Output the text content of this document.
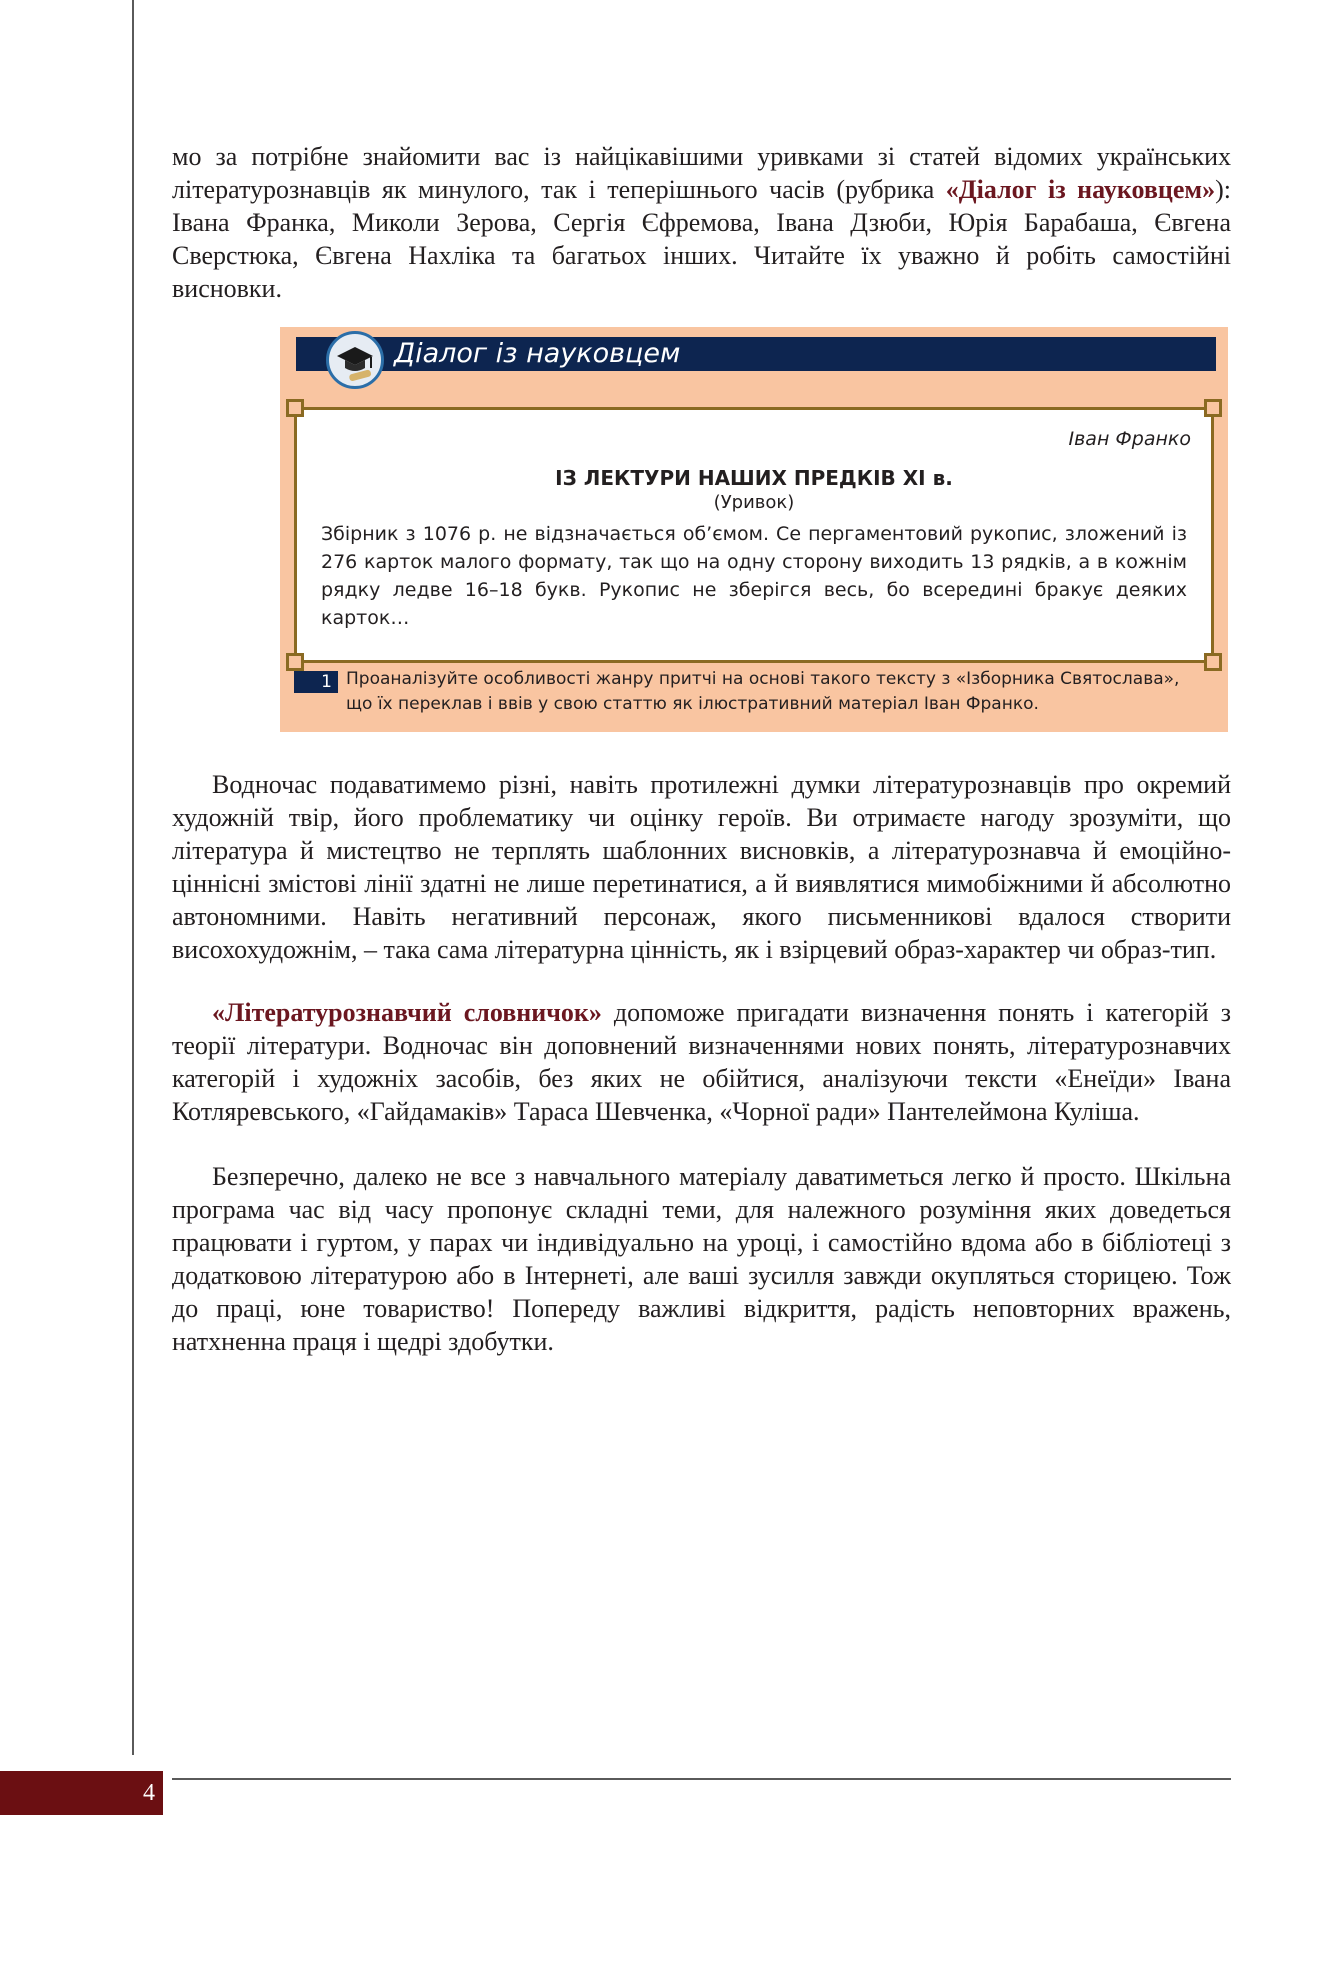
мо за потрібне знайомити вас із найцікавішими уривками зі статей відомих українських літературознавців як минулого, так і теперішнього часів (рубрика «Діалог із науковцем»): Івана Франка, Миколи Зерова, Сергія Єфремова, Івана Дзюби, Юрія Барабаша, Євгена Сверстюка, Євгена Нахліка та багатьох інших. Читайте їх уважно й робіть самостійні висновки.

Діалог із науковцем
Іван Франко
ІЗ ЛЕКТУРИ НАШИХ ПРЕДКІВ XI в.
(Уривок)
Збірник з 1076 р. не відзначається об’ємом. Се пергаментовий рукопис, зложений із 276 карток малого формату, так що на одну сторону виходить 13 рядків, а в кожнім рядку ледве 16–18 букв. Рукопис не зберігся весь, бо всередині бракує деяких карток…
1 Проаналізуйте особливості жанру притчі на основі такого тексту з «Ізборника Святослава», що їх переклав і ввів у свою статтю як ілюстративний матеріал Іван Франко.

Водночас подаватимемо різні, навіть протилежні думки літературознавців про окремий художній твір, його проблематику чи оцінку героїв. Ви отримаєте нагоду зрозуміти, що література й мистецтво не терплять шаблонних висновків, а літературознавча й емоційно-ціннісні змістові лінії здатні не лише перетинатися, а й виявлятися мимобіжними й абсолютно автономними. Навіть негативний персонаж, якого письменникові вдалося створити висохохудожнім, – така сама літературна цінність, як і взірцевий образ-характер чи образ-тип.

«Літературознавчий словничок» допоможе пригадати визначення понять і категорій з теорії літератури. Водночас він доповнений визначеннями нових понять, літературознавчих категорій і художніх засобів, без яких не обійтися, аналізуючи тексти «Енеїди» Івана Котляревського, «Гайдамаків» Тараса Шевченка, «Чорної ради» Пантелеймона Куліша.

Безперечно, далеко не все з навчального матеріалу даватиметься легко й просто. Шкільна програма час від часу пропонує складні теми, для належного розуміння яких доведеться працювати і гуртом, у парах чи індивідуально на уроці, і самостійно вдома або в бібліотеці з додатковою літературою або в Інтернеті, але ваші зусилля завжди окупляться сторицею. Тож до праці, юне товариство! Попереду важливі відкриття, радість неповторних вражень, натхненна праця і щедрі здобутки.

4
